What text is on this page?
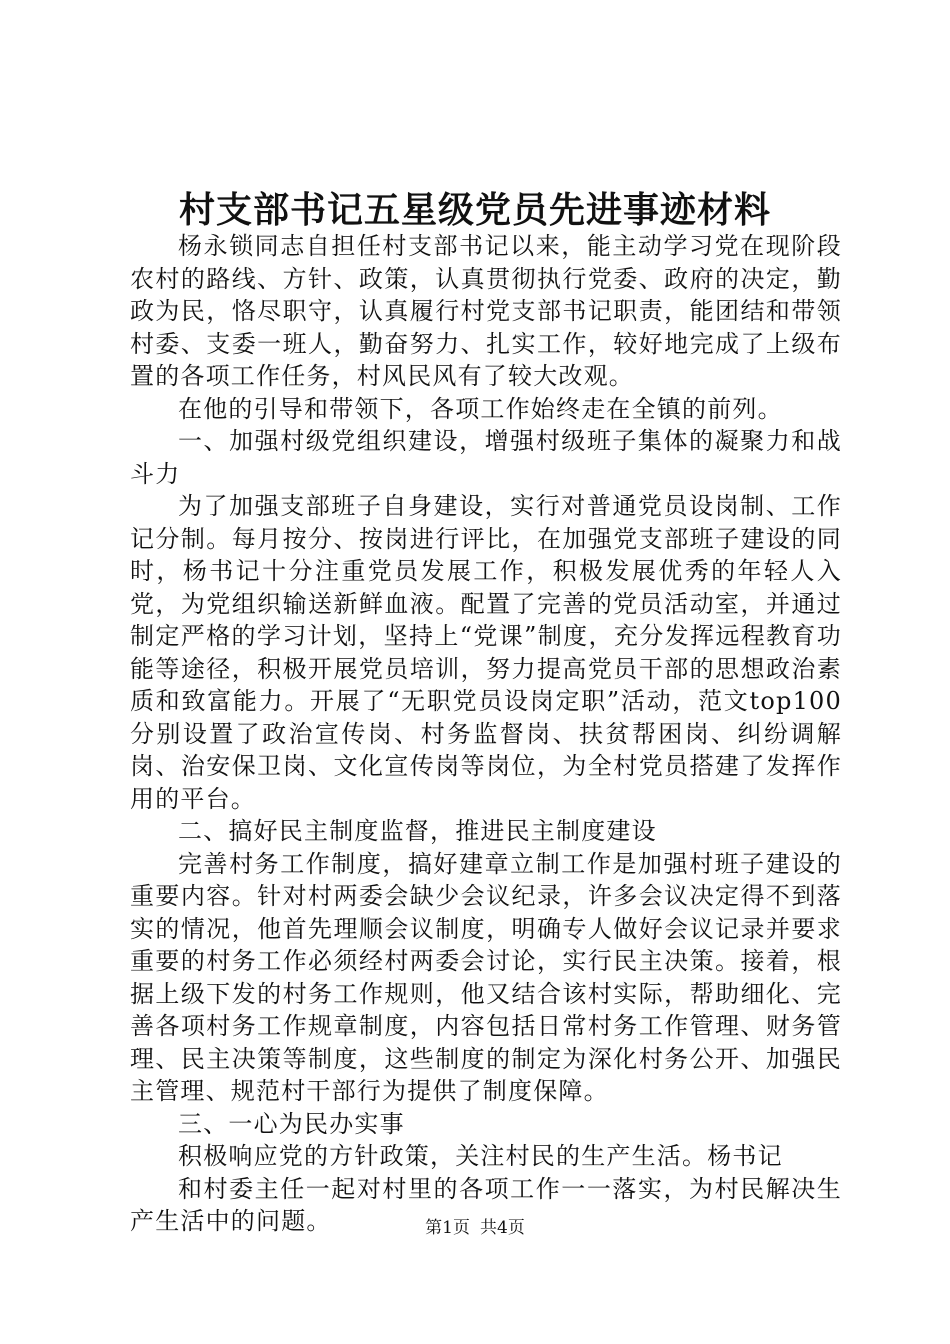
村支部书记五星级党员先进事迹材料

杨永锁同志自担任村支部书记以来，能主动学习党在现阶段农村的路线、方针、政策，认真贯彻执行党委、政府的决定，勤政为民，恪尽职守，认真履行村党支部书记职责，能团结和带领村委、支委一班人，勤奋努力、扎实工作，较好地完成了上级布置的各项工作任务，村风民风有了较大改观。

在他的引导和带领下，各项工作始终走在全镇的前列。

一、加强村级党组织建设，增强村级班子集体的凝聚力和战斗力

为了加强支部班子自身建设，实行对普通党员设岗制、工作记分制。每月按分、按岗进行评比，在加强党支部班子建设的同时，杨书记十分注重党员发展工作，积极发展优秀的年轻人入党，为党组织输送新鲜血液。配置了完善的党员活动室，并通过制定严格的学习计划，坚持上“党课”制度，充分发挥远程教育功能等途径，积极开展党员培训，努力提高党员干部的思想政治素质和致富能力。开展了“无职党员设岗定职”活动，范文top100分别设置了政治宣传岗、村务监督岗、扶贫帮困岗、纠纷调解岗、治安保卫岗、文化宣传岗等岗位，为全村党员搭建了发挥作用的平台。

二、搞好民主制度监督，推进民主制度建设

完善村务工作制度，搞好建章立制工作是加强村班子建设的重要内容。针对村两委会缺少会议纪录，许多会议决定得不到落实的情况，他首先理顺会议制度，明确专人做好会议记录并要求重要的村务工作必须经村两委会讨论，实行民主决策。接着，根据上级下发的村务工作规则，他又结合该村实际，帮助细化、完善各项村务工作规章制度，内容包括日常村务工作管理、财务管理、民主决策等制度，这些制度的制定为深化村务公开、加强民主管理、规范村干部行为提供了制度保障。

三、一心为民办实事

积极响应党的方针政策，关注村民的生产生活。杨书记

和村委主任一起对村里的各项工作一一落实，为村民解决生产生活中的问题。	第1页 共4页
